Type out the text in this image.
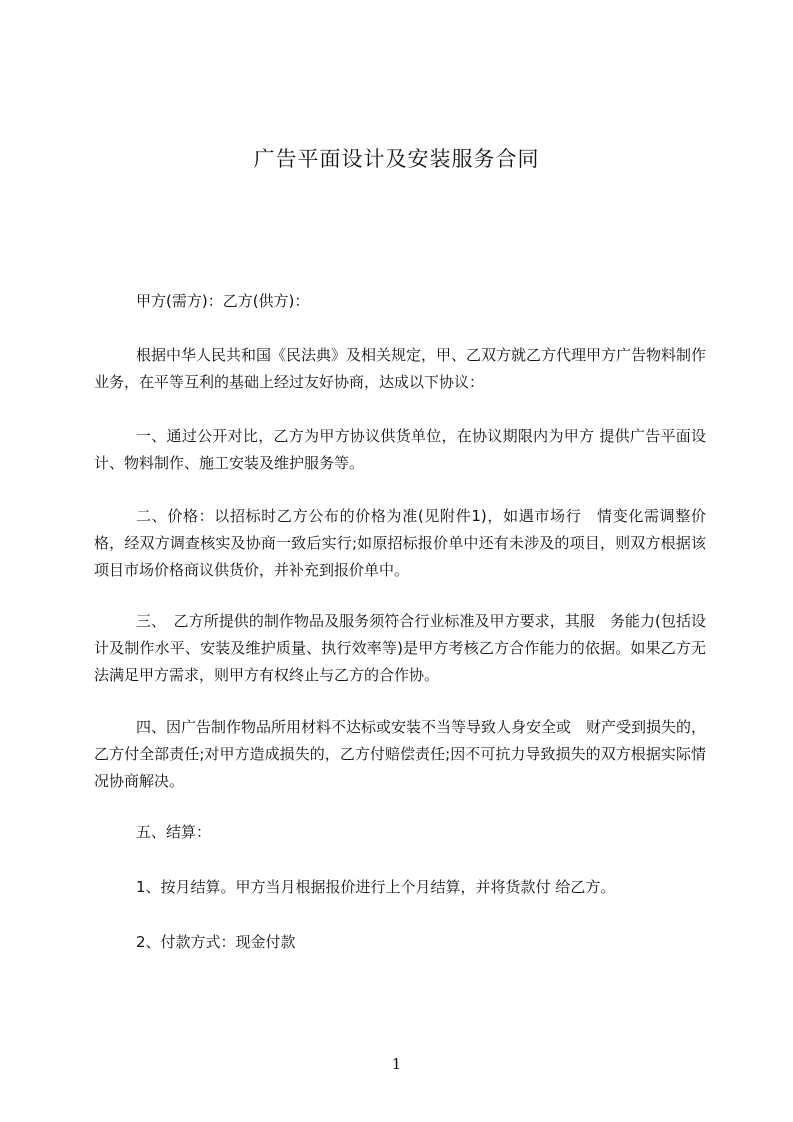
广告平面设计及安装服务合同
甲方(需方)：乙方(供方)：
根据中华人民共和国《民法典》及相关规定，甲、乙双方就乙方代理甲方广告物料制作业务，在平等互利的基础上经过友好协商，达成以下协议：
一、通过公开对比，乙方为甲方协议供货单位，在协议期限内为甲方 提供广告平面设计、物料制作、施工安装及维护服务等。
二、价格：以招标时乙方公布的价格为准(见附件1)，如遇市场行　情变化需调整价格，经双方调查核实及协商一致后实行;如原招标报价单中还有未涉及的项目，则双方根据该项目市场价格商议供货价，并补充到报价单中。
三、　乙方所提供的制作物品及服务须符合行业标准及甲方要求，其服　务能力(包括设计及制作水平、安装及维护质量、执行效率等)是甲方考核乙方合作能力的依据。如果乙方无法满足甲方需求，则甲方有权终止与乙方的合作协。
四、因广告制作物品所用材料不达标或安装不当等导致人身安全或　财产受到损失的，乙方付全部责任;对甲方造成损失的，乙方付赔偿责任;因不可抗力导致损失的双方根据实际情况协商解决。
五、结算：
1、按月结算。甲方当月根据报价进行上个月结算，并将货款付 给乙方。
2、付款方式：现金付款
1
